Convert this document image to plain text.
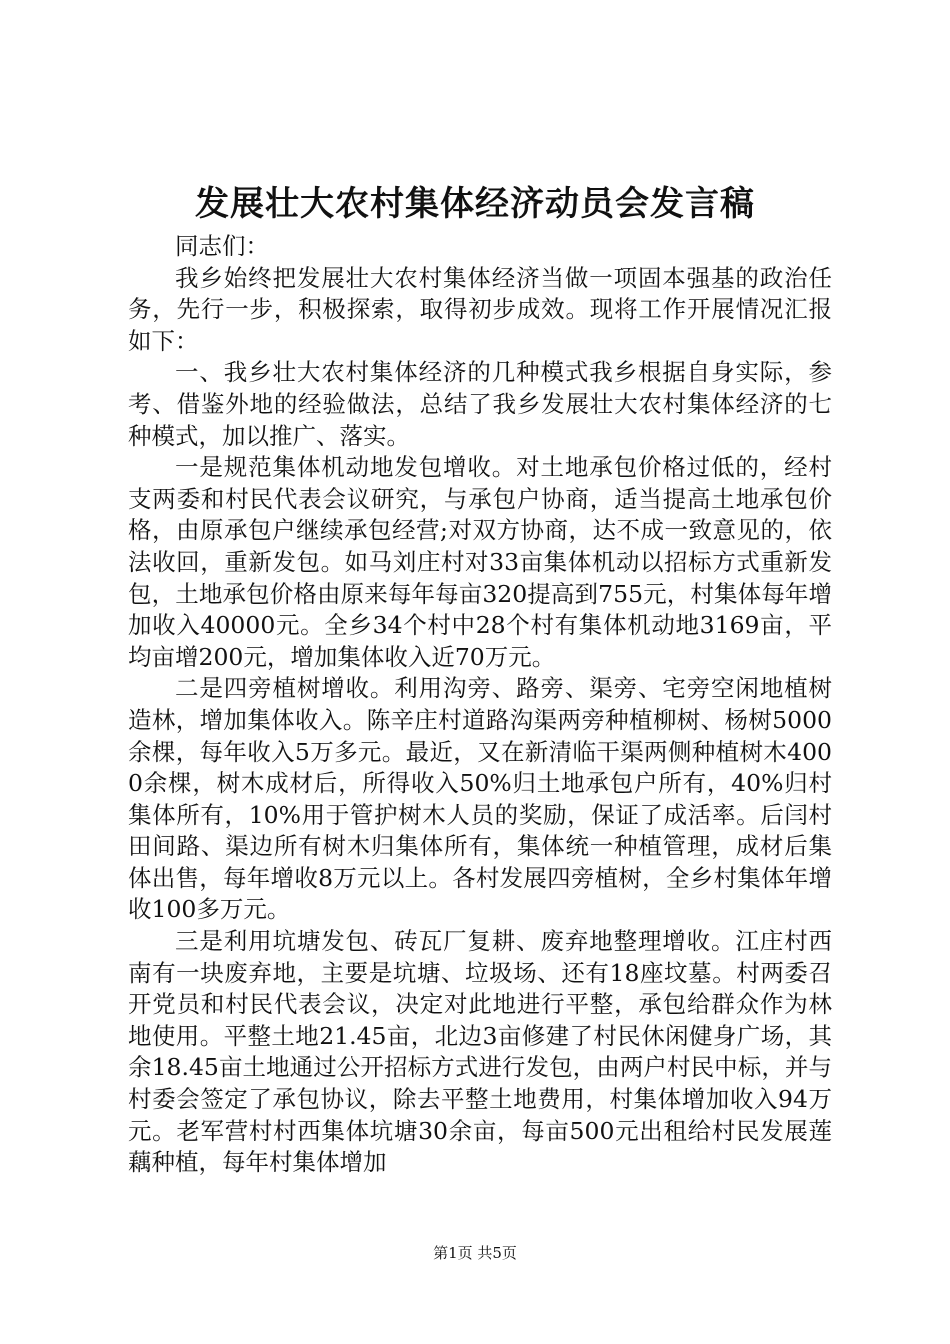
发展壮大农村集体经济动员会发言稿

同志们：

我乡始终把发展壮大农村集体经济当做一项固本强基的政治任务，先行一步，积极探索，取得初步成效。现将工作开展情况汇报如下：

一、我乡壮大农村集体经济的几种模式我乡根据自身实际，参考、借鉴外地的经验做法，总结了我乡发展壮大农村集体经济的七种模式，加以推广、落实。

一是规范集体机动地发包增收。对土地承包价格过低的，经村支两委和村民代表会议研究，与承包户协商，适当提高土地承包价格，由原承包户继续承包经营;对双方协商，达不成一致意见的，依法收回，重新发包。如马刘庄村对33亩集体机动以招标方式重新发包，土地承包价格由原来每年每亩320提高到755元，村集体每年增加收入40000元。全乡34个村中28个村有集体机动地3169亩，平均亩增200元，增加集体收入近70万元。

二是四旁植树增收。利用沟旁、路旁、渠旁、宅旁空闲地植树造林，增加集体收入。陈辛庄村道路沟渠两旁种植柳树、杨树5000余棵，每年收入5万多元。最近，又在新清临干渠两侧种植树木4000余棵，树木成材后，所得收入50%归土地承包户所有，40%归村集体所有，10%用于管护树木人员的奖励，保证了成活率。后闫村田间路、渠边所有树木归集体所有，集体统一种植管理，成材后集体出售，每年增收8万元以上。各村发展四旁植树，全乡村集体年增收100多万元。

三是利用坑塘发包、砖瓦厂复耕、废弃地整理增收。江庄村西南有一块废弃地，主要是坑塘、垃圾场、还有18座坟墓。村两委召开党员和村民代表会议，决定对此地进行平整，承包给群众作为林地使用。平整土地21.45亩，北边3亩修建了村民休闲健身广场，其余18.45亩土地通过公开招标方式进行发包，由两户村民中标，并与村委会签定了承包协议，除去平整土地费用，村集体增加收入94万元。老军营村村西集体坑塘30余亩，每亩500元出租给村民发展莲藕种植，每年村集体增加

第1页 共5页
